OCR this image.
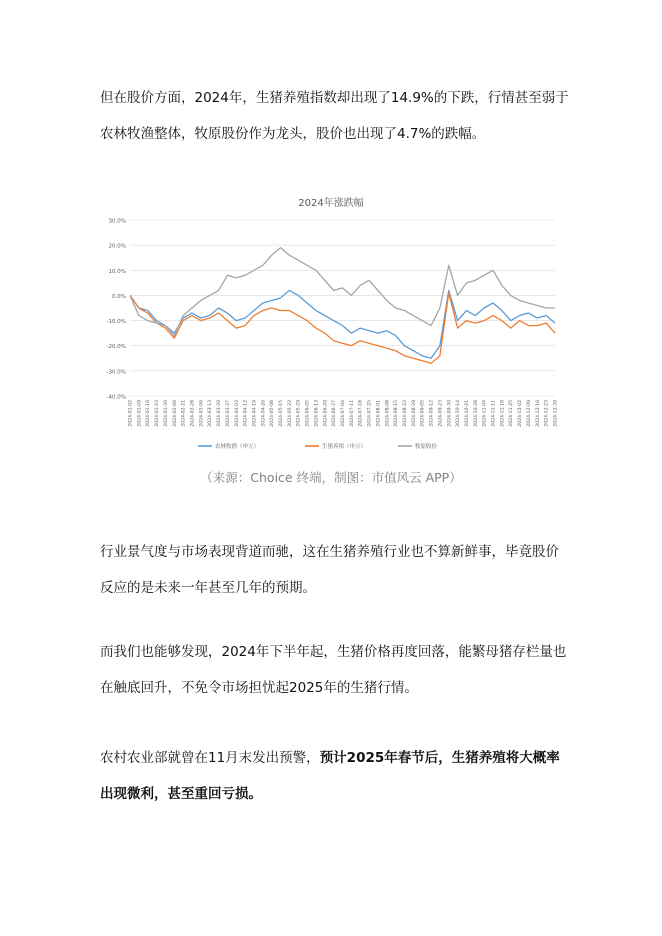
但在股价方面，2024年，生猪养殖指数却出现了14.9%的下跌，行情甚至弱于农林牧渔整体，牧原股份作为龙头，股价也出现了4.7%的跌幅。

2024年涨跌幅
30.0%
20.0%
10.0%
0.0%
-10.0%
-20.0%
-30.0%
-40.0%
2024-01-02 2024-01-09 2024-01-16 2024-01-23 2024-01-30 2024-02-06 2024-02-21 2024-02-28 2024-03-06 2024-03-13 2024-03-20 2024-03-27 2024-04-03 2024-04-12 2024-04-19 2024-04-26 2024-05-08 2024-05-15 2024-05-22 2024-05-29 2024-06-05 2024-06-13 2024-06-20 2024-06-27 2024-07-04 2024-07-11 2024-07-18 2024-07-25 2024-08-01 2024-08-08 2024-08-15 2024-08-22 2024-08-29 2024-09-05 2024-09-12 2024-09-23 2024-09-30 2024-10-14 2024-10-21 2024-10-28 2024-11-04 2024-11-11 2024-11-18 2024-11-25 2024-12-02 2024-12-09 2024-12-16 2024-12-23 2024-12-30
农林牧渔（申万）	生猪养殖（申万）	牧原股份
（来源：Choice 终端，制图：市值风云 APP）

行业景气度与市场表现背道而驰，这在生猪养殖行业也不算新鲜事，毕竟股价反应的是未来一年甚至几年的预期。

而我们也能够发现，2024年下半年起，生猪价格再度回落，能繁母猪存栏量也在触底回升，不免令市场担忧起2025年的生猪行情。

农村农业部就曾在11月末发出预警，预计2025年春节后，生猪养殖将大概率出现微利，甚至重回亏损。
